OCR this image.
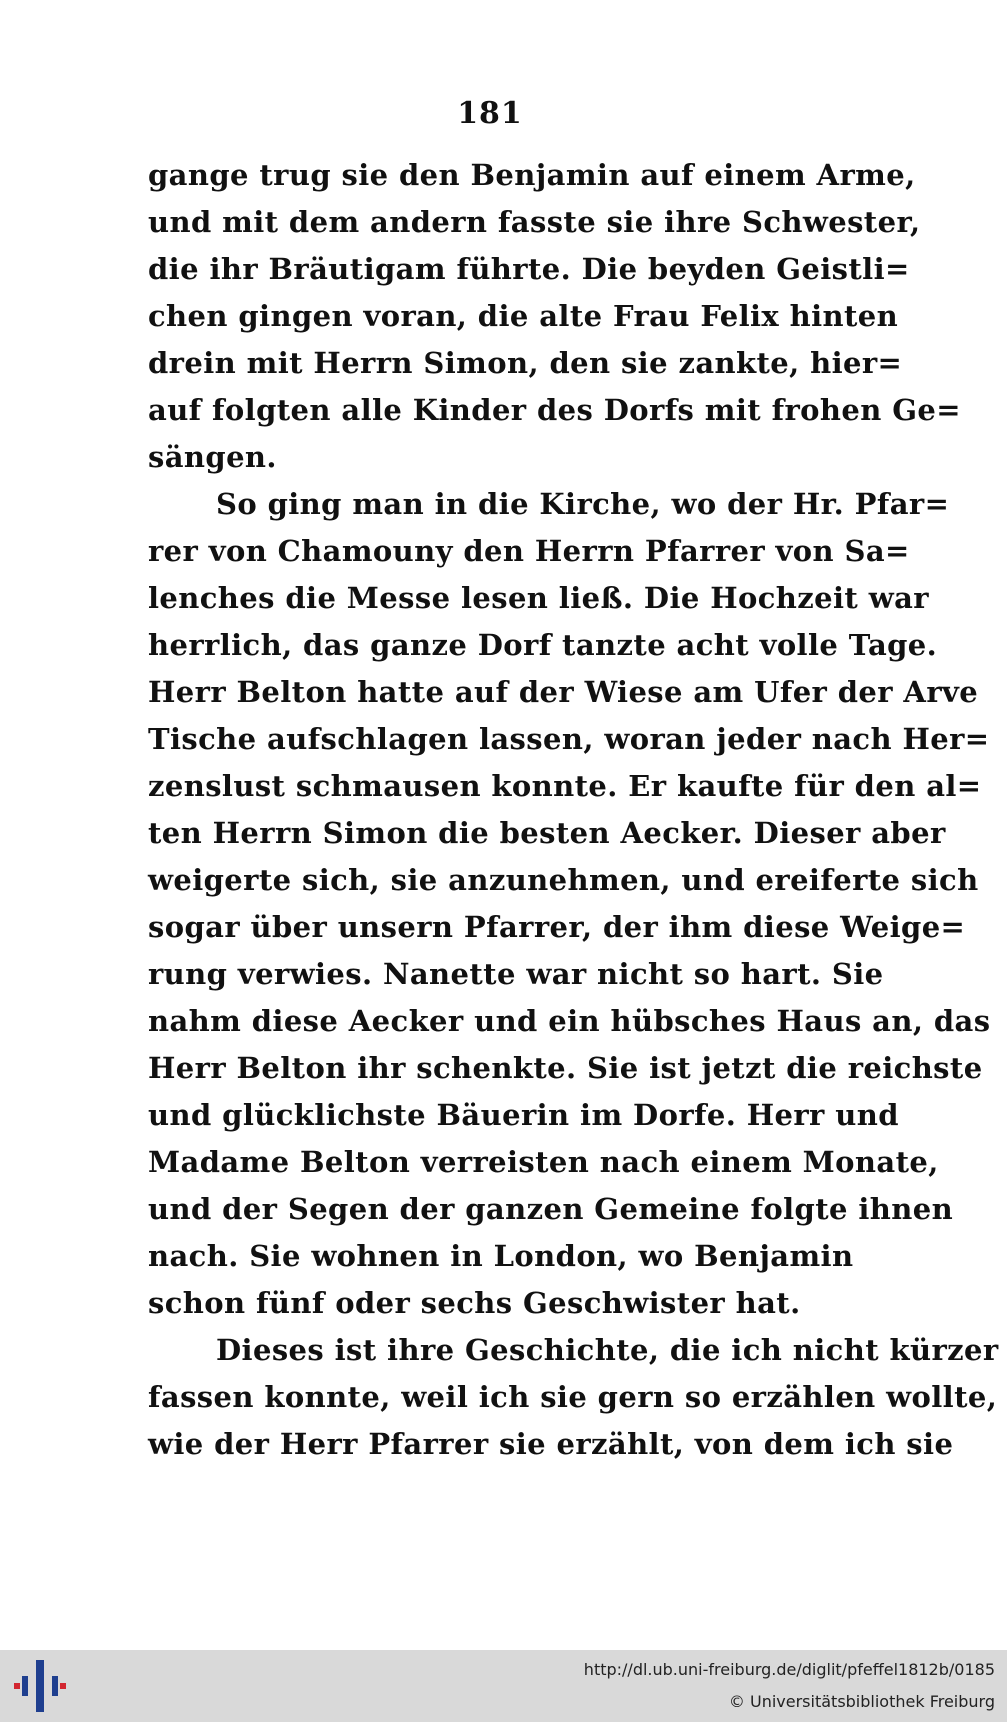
181
gange trug sie den Benjamin auf einem Arme,
und mit dem andern fasste sie ihre Schwester,
die ihr Bräutigam führte. Die beyden Geistli=
chen gingen voran, die alte Frau Felix hinten
drein mit Herrn Simon, den sie zankte, hier=
auf folgten alle Kinder des Dorfs mit frohen Ge=
sängen.
So ging man in die Kirche, wo der Hr. Pfar=
rer von Chamouny den Herrn Pfarrer von Sa=
lenches die Messe lesen ließ. Die Hochzeit war
herrlich, das ganze Dorf tanzte acht volle Tage.
Herr Belton hatte auf der Wiese am Ufer der Arve
Tische aufschlagen lassen, woran jeder nach Her=
zenslust schmausen konnte. Er kaufte für den al=
ten Herrn Simon die besten Aecker. Dieser aber
weigerte sich, sie anzunehmen, und ereiferte sich
sogar über unsern Pfarrer, der ihm diese Weige=
rung verwies. Nanette war nicht so hart. Sie
nahm diese Aecker und ein hübsches Haus an, das
Herr Belton ihr schenkte. Sie ist jetzt die reichste
und glücklichste Bäuerin im Dorfe. Herr und
Madame Belton verreisten nach einem Monate,
und der Segen der ganzen Gemeine folgte ihnen
nach. Sie wohnen in London, wo Benjamin
schon fünf oder sechs Geschwister hat.
Dieses ist ihre Geschichte, die ich nicht kürzer
fassen konnte, weil ich sie gern so erzählen wollte,
wie der Herr Pfarrer sie erzählt, von dem ich sie
http://dl.ub.uni-freiburg.de/diglit/pfeffel1812b/0185
© Universitätsbibliothek Freiburg
